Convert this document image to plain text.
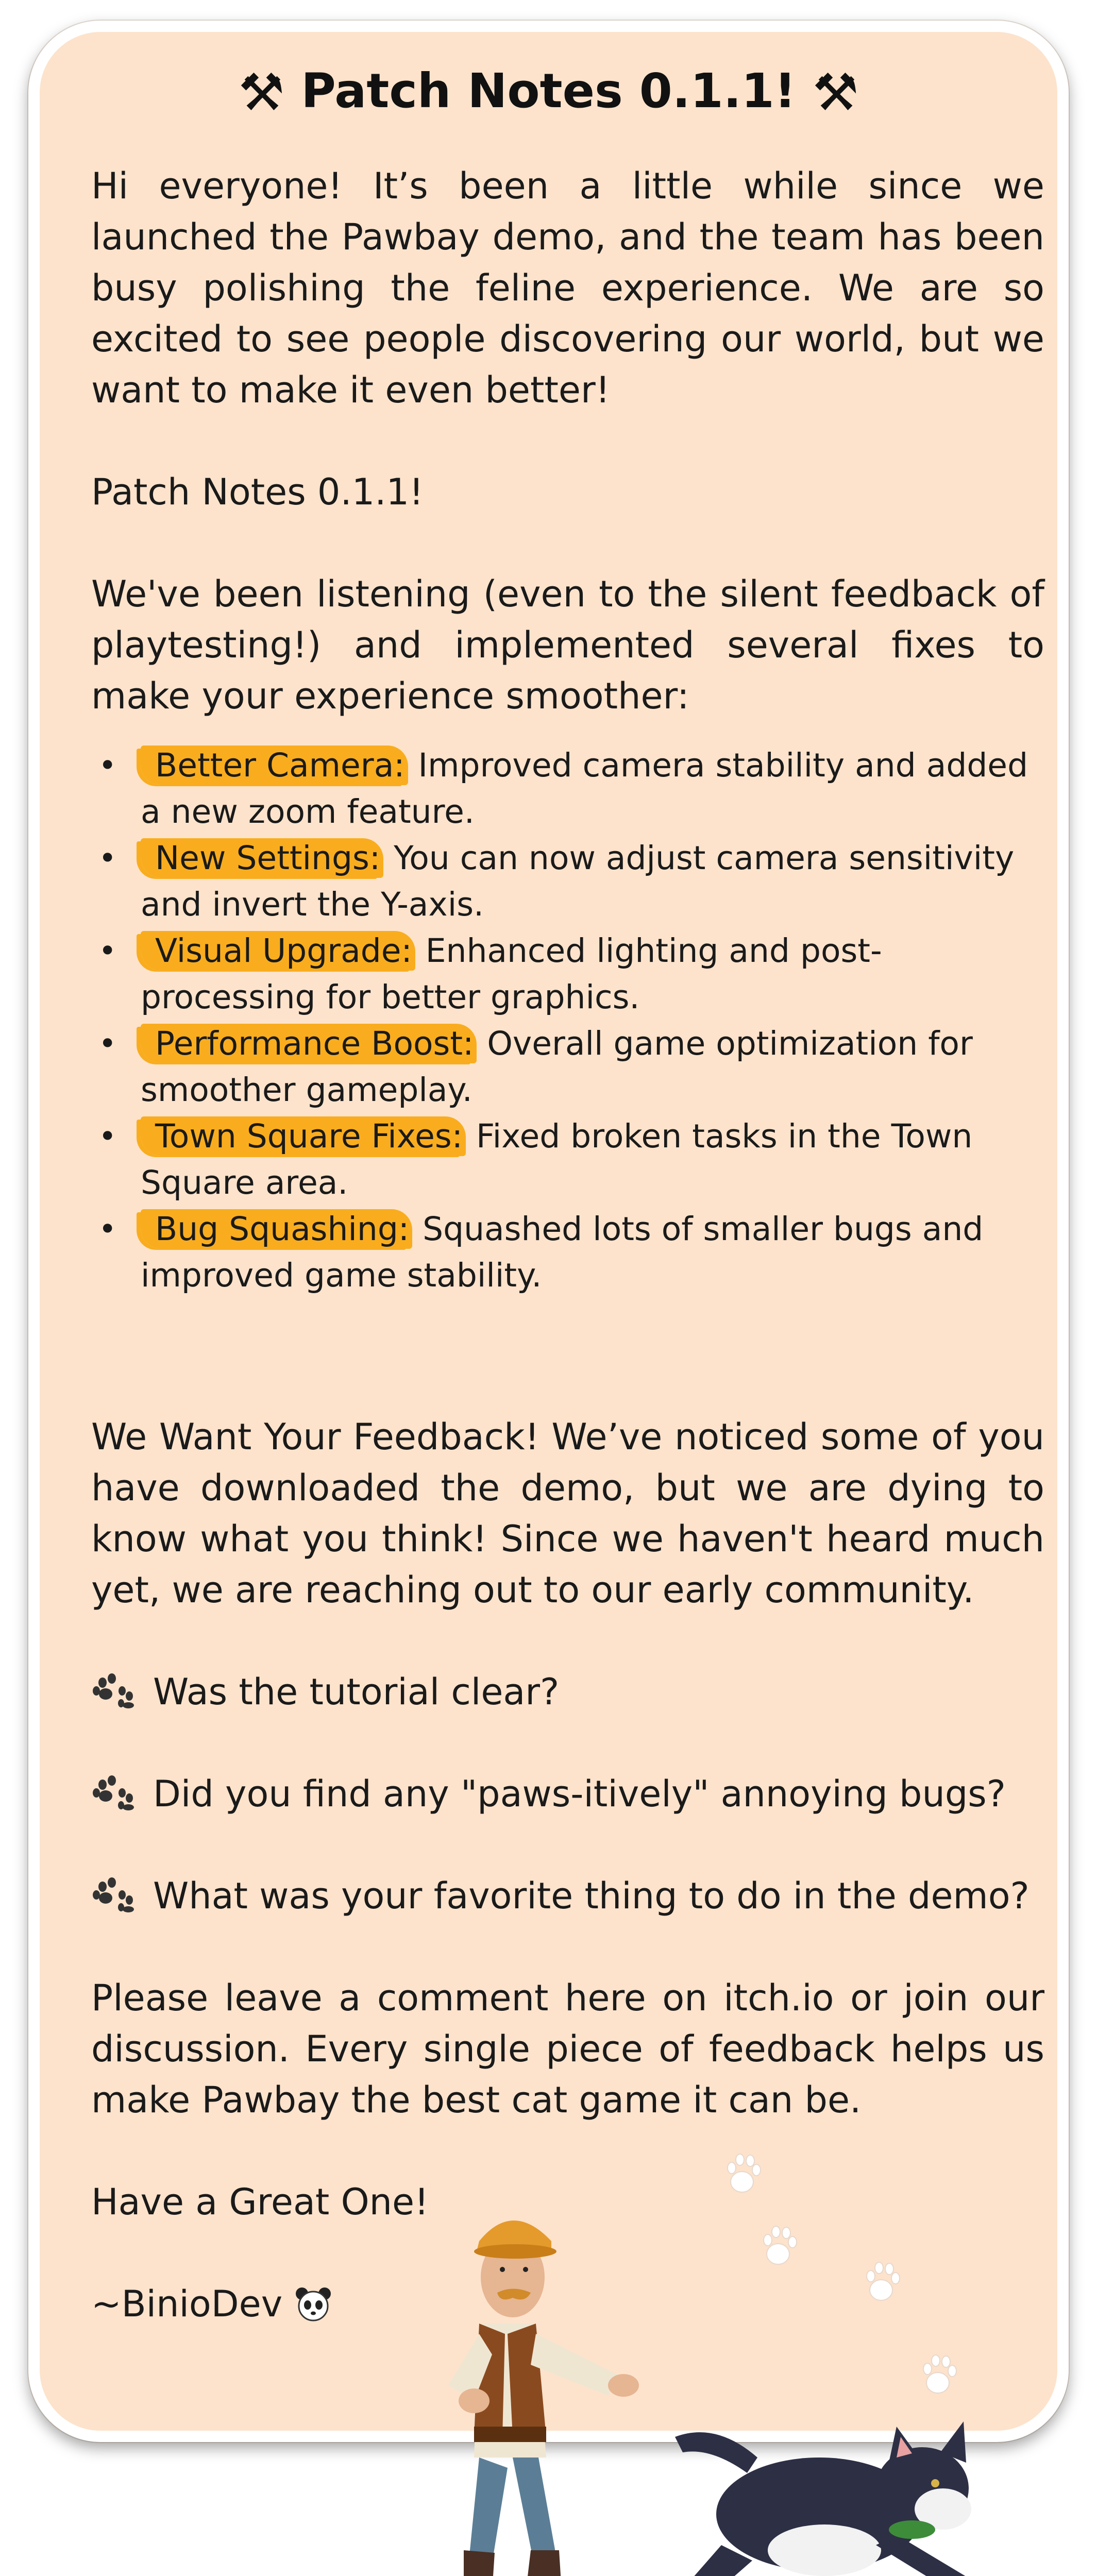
⚒ Patch Notes 0.1.1! ⚒

Hi everyone! It’s been a little while since we launched the Pawbay demo, and the team has been busy polishing the feline experience. We are so excited to see people discovering our world, but we want to make it even better!

Patch Notes 0.1.1!

We've been listening (even to the silent feedback of playtesting!) and implemented several fixes to make your experience smoother:

• Better Camera: Improved camera stability and added a new zoom feature.
• New Settings: You can now adjust camera sensitivity and invert the Y-axis.
• Visual Upgrade: Enhanced lighting and post-processing for better graphics.
• Performance Boost: Overall game optimization for smoother gameplay.
• Town Square Fixes: Fixed broken tasks in the Town Square area.
• Bug Squashing: Squashed lots of smaller bugs and improved game stability.

We Want Your Feedback! We’ve noticed some of you have downloaded the demo, but we are dying to know what you think! Since we haven't heard much yet, we are reaching out to our early community.

Was the tutorial clear?

Did you find any "paws-itively" annoying bugs?

What was your favorite thing to do in the demo?

Please leave a comment here on itch.io or join our discussion. Every single piece of feedback helps us make Pawbay the best cat game it can be.

Have a Great One!

~BinioDev
